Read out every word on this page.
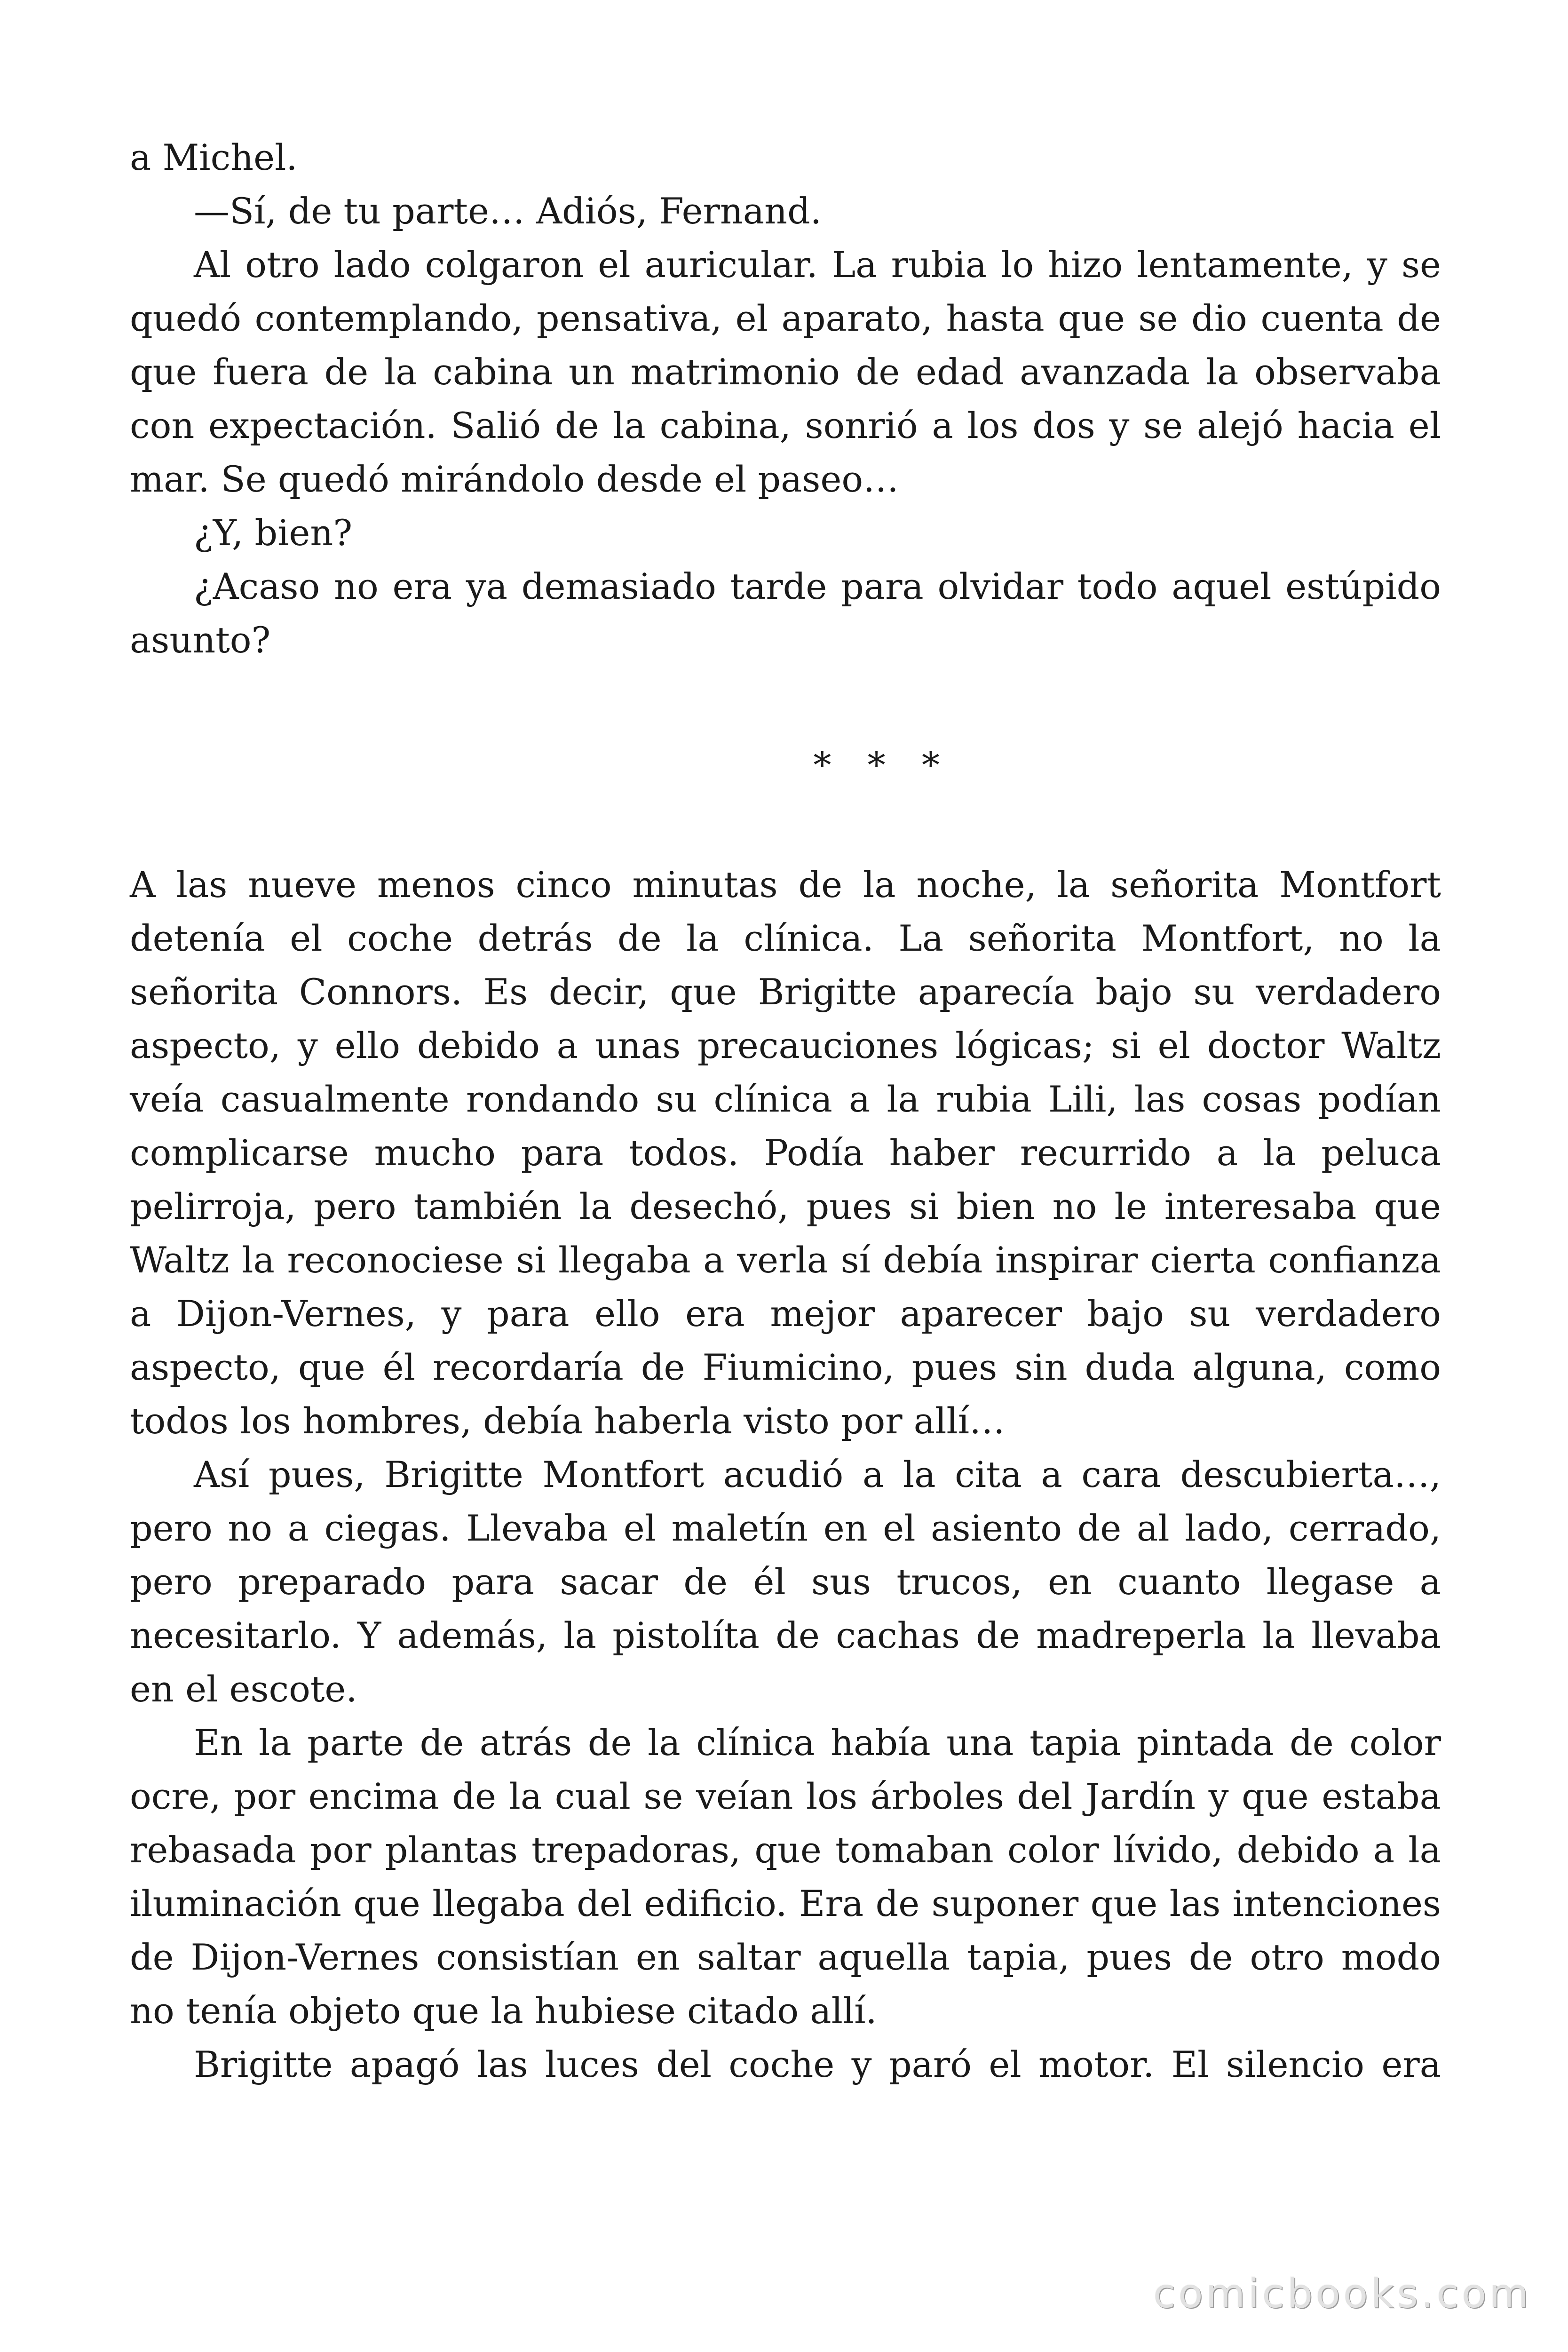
a Michel.

—Sí, de tu parte… Adiós, Fernand.

Al otro lado colgaron el auricular. La rubia lo hizo lentamente, y se quedó contemplando, pensativa, el aparato, hasta que se dio cuenta de que fuera de la cabina un matrimonio de edad avanzada la observaba con expectación. Salió de la cabina, sonrió a los dos y se alejó hacia el mar. Se quedó mirándolo desde el paseo…

¿Y, bien?

¿Acaso no era ya demasiado tarde para olvidar todo aquel estúpido asunto?

* * *

A las nueve menos cinco minutas de la noche, la señorita Montfort detenía el coche detrás de la clínica. La señorita Montfort, no la señorita Connors. Es decir, que Brigitte aparecía bajo su verdadero aspecto, y ello debido a unas precauciones lógicas; si el doctor Waltz veía casualmente rondando su clínica a la rubia Lili, las cosas podían complicarse mucho para todos. Podía haber recurrido a la peluca pelirroja, pero también la desechó, pues si bien no le interesaba que Waltz la reconociese si llegaba a verla sí debía inspirar cierta confianza a Dijon-Vernes, y para ello era mejor aparecer bajo su verdadero aspecto, que él recordaría de Fiumicino, pues sin duda alguna, como todos los hombres, debía haberla visto por allí…

Así pues, Brigitte Montfort acudió a la cita a cara descubierta…, pero no a ciegas. Llevaba el maletín en el asiento de al lado, cerrado, pero preparado para sacar de él sus trucos, en cuanto llegase a necesitarlo. Y además, la pistolíta de cachas de madreperla la llevaba en el escote.

En la parte de atrás de la clínica había una tapia pintada de color ocre, por encima de la cual se veían los árboles del Jardín y que estaba rebasada por plantas trepadoras, que tomaban color lívido, debido a la iluminación que llegaba del edificio. Era de suponer que las intenciones de Dijon-Vernes consistían en saltar aquella tapia, pues de otro modo no tenía objeto que la hubiese citado allí.

Brigitte apagó las luces del coche y paró el motor. El silencio era

comicbooks.com
